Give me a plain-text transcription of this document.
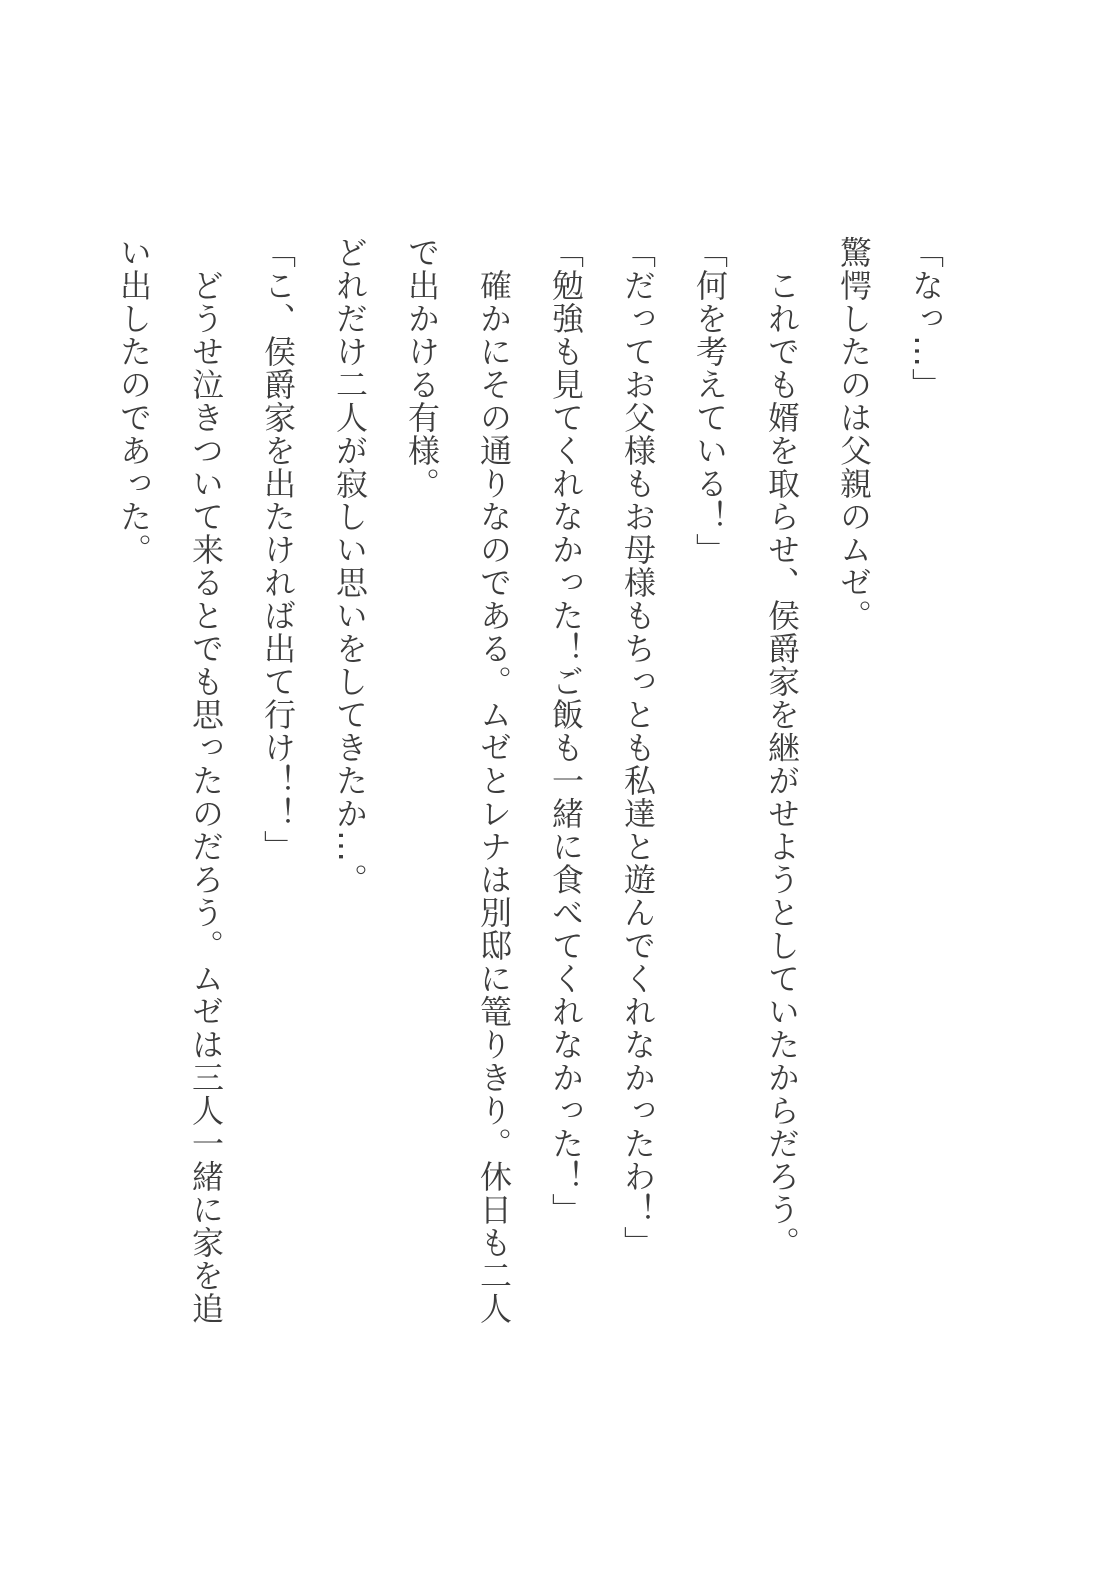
「なっ…」
驚愕したのは父親のムゼ。
　これでも婿を取らせ、侯爵家を継がせようとしていたからだろう。
「何を考えている！」
「だってお父様もお母様もちっとも私達と遊んでくれなかったわ！」
「勉強も見てくれなかった！ご飯も一緒に食べてくれなかった！」
　確かにその通りなのである。ムゼとレナは別邸に篭りきり。休日も二人で出かける有様。
どれだけ二人が寂しい思いをしてきたか…。
「こ、侯爵家を出たければ出て行け！！」
　どうせ泣きついて来るとでも思ったのだろう。ムゼは三人一緒に家を追い出したのであった。
